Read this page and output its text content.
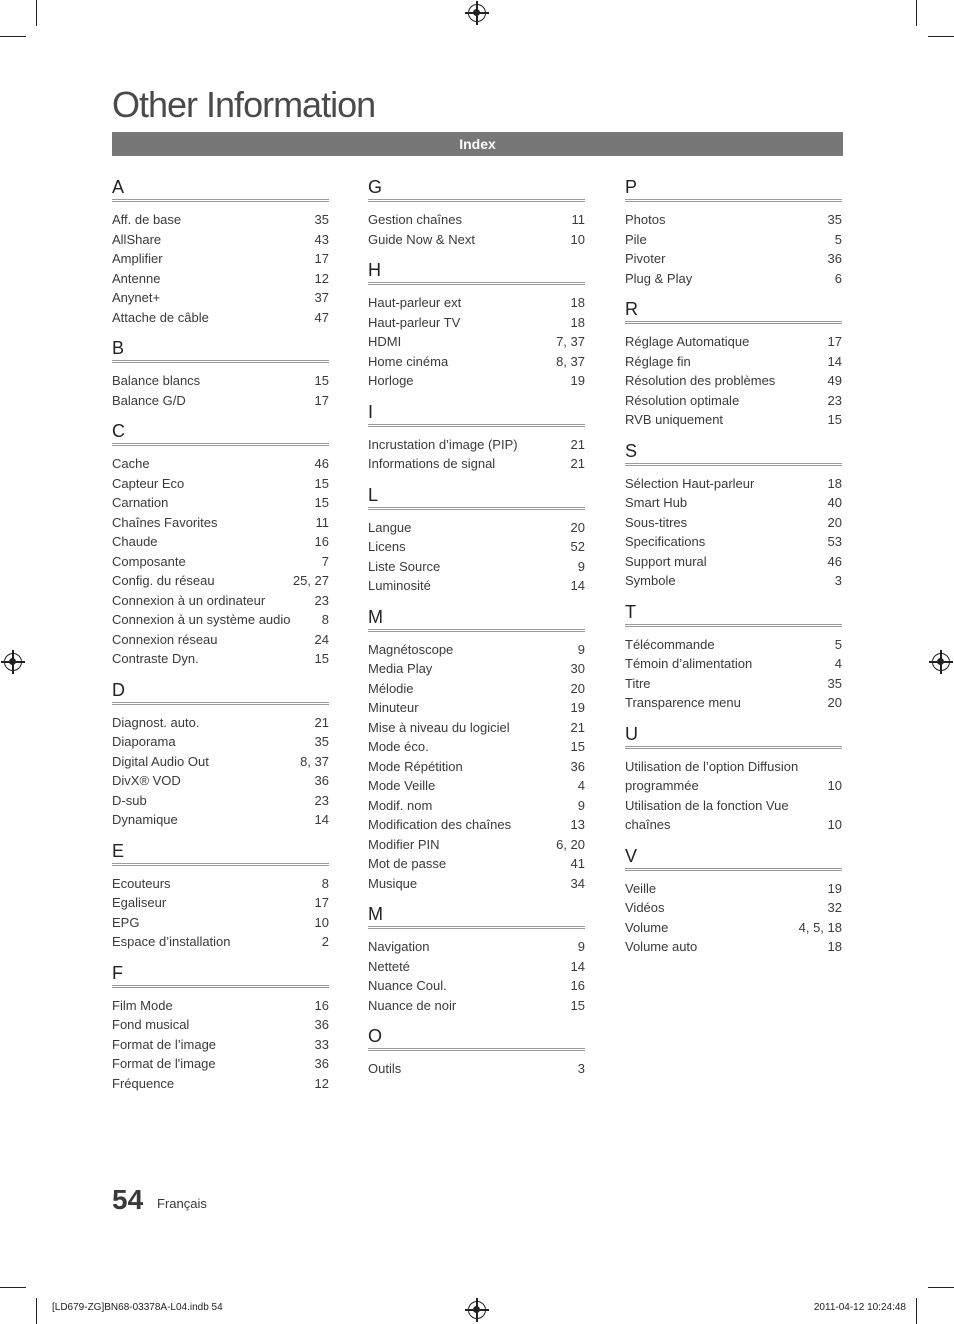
Other Information
Index
A
Aff. de base	35
AllShare	43
Amplifier	17
Antenne	12
Anynet+	37
Attache de câble	47
B
Balance blancs	15
Balance G/D	17
C
Cache	46
Capteur Eco	15
Carnation	15
Chaînes Favorites	11
Chaude	16
Composante	7
Config. du réseau	25, 27
Connexion à un ordinateur	23
Connexion à un système audio	8
Connexion réseau	24
Contraste Dyn.	15
D
Diagnost. auto.	21
Diaporama	35
Digital Audio Out	8, 37
DivX® VOD	36
D-sub	23
Dynamique	14
E
Ecouteurs	8
Egaliseur	17
EPG	10
Espace d’installation	2
F
Film Mode	16
Fond musical	36
Format de l’image	33
Format de l'image	36
Fréquence	12
G
Gestion chaînes	11
Guide Now & Next	10
H
Haut-parleur ext	18
Haut-parleur TV	18
HDMI	7, 37
Home cinéma	8, 37
Horloge	19
I
Incrustation d’image (PIP)	21
Informations de signal	21
L
Langue	20
Licens	52
Liste Source	9
Luminosité	14
M
Magnétoscope	9
Media Play	30
Mélodie	20
Minuteur	19
Mise à niveau du logiciel	21
Mode éco.	15
Mode Répétition	36
Mode Veille	4
Modif. nom	9
Modification des chaînes	13
Modifier PIN	6, 20
Mot de passe	41
Musique	34
M
Navigation	9
Netteté	14
Nuance Coul.	16
Nuance de noir	15
O
Outils	3
P
Photos	35
Pile	5
Pivoter	36
Plug & Play	6
R
Réglage Automatique	17
Réglage fin	14
Résolution des problèmes	49
Résolution optimale	23
RVB uniquement	15
S
Sélection Haut-parleur	18
Smart Hub	40
Sous-titres	20
Specifications	53
Support mural	46
Symbole	3
T
Télécommande	5
Témoin d’alimentation	4
Titre	35
Transparence menu	20
U
Utilisation de l’option Diffusion programmée	10
Utilisation de la fonction Vue chaînes	10
V
Veille	19
Vidéos	32
Volume	4, 5, 18
Volume auto	18
54 Français
[LD679-ZG]BN68-03378A-L04.indb 54	2011-04-12 10:24:48
